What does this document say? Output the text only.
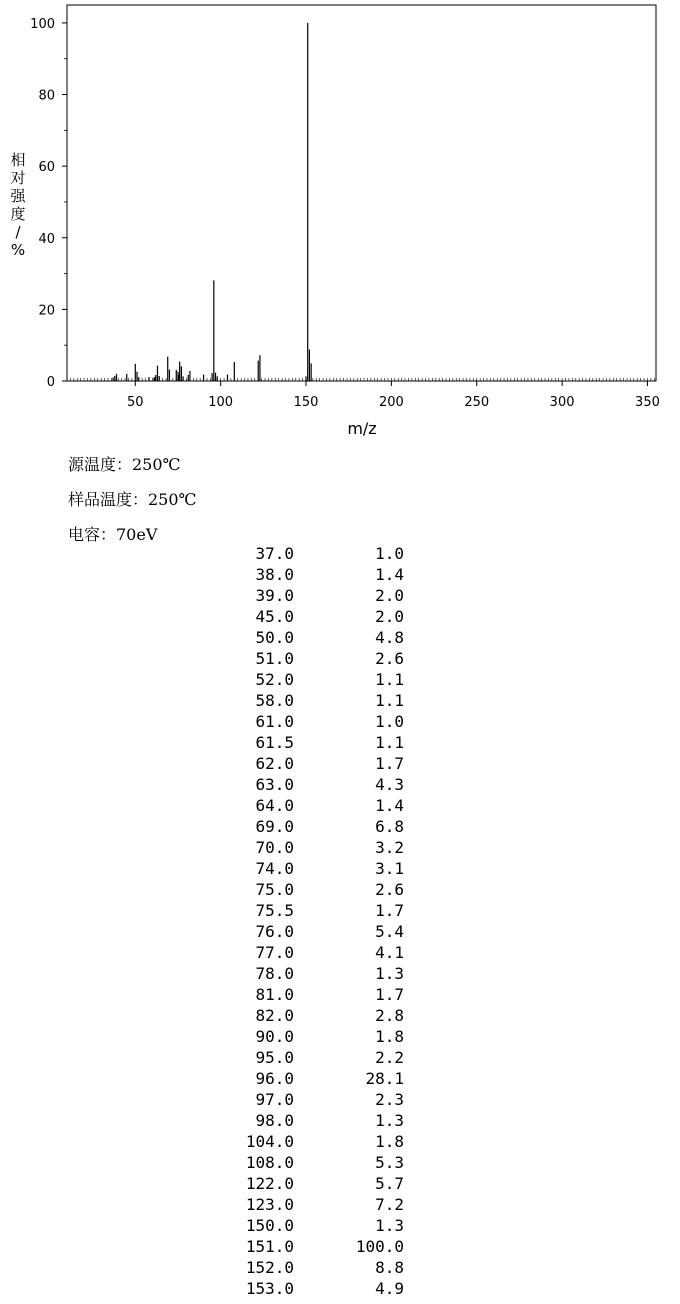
0
20
40
60
80
100
50	100	150	200	250	300	350
m/z
相对强度/ %
源温度：250℃
样品温度：250℃
电容：70eV
37.0	1.0
38.0	1.4
39.0	2.0
45.0	2.0
50.0	4.8
51.0	2.6
52.0	1.1
58.0	1.1
61.0	1.0
61.5	1.1
62.0	1.7
63.0	4.3
64.0	1.4
69.0	6.8
70.0	3.2
74.0	3.1
75.0	2.6
75.5	1.7
76.0	5.4
77.0	4.1
78.0	1.3
81.0	1.7
82.0	2.8
90.0	1.8
95.0	2.2
96.0	28.1
97.0	2.3
98.0	1.3
104.0	1.8
108.0	5.3
122.0	5.7
123.0	7.2
150.0	1.3
151.0	100.0
152.0	8.8
153.0	4.9
